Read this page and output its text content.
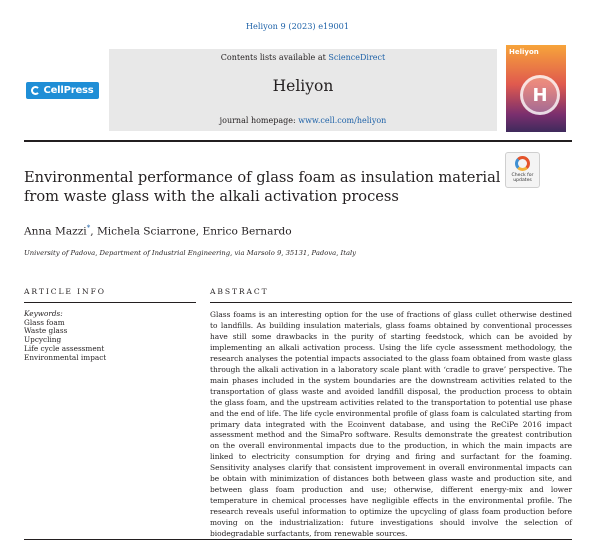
Heliyon 9 (2023) e19001
CellPress
Contents lists available at ScienceDirect
Heliyon
journal homepage: www.cell.com/heliyon
Heliyon
H
Check for
updates
Environmental performance of glass foam as insulation material from waste glass with the alkali activation process
Anna Mazzi*, Michela Sciarrone, Enrico Bernardo
University of Padova, Department of Industrial Engineering, via Marsolo 9, 35131, Padova, Italy
ARTICLE INFO	ABSTRACT
Keywords:
Glass foam
Waste glass
Upcycling
Life cycle assessment
Environmental impact
Glass foams is an interesting option for the use of fractions of glass cullet otherwise destined to landfills. As building insulation materials, glass foams obtained by conventional processes have still some drawbacks in the purity of starting feedstock, which can be avoided by implementing an alkali activation process. Using the life cycle assessment methodology, the research analyses the potential impacts associated to the glass foam obtained from waste glass through the alkali activation in a laboratory scale plant with ‘cradle to grave’ perspective. The main phases included in the system boundaries are the downstream activities related to the transportation of glass waste and avoided landfill disposal, the production process to obtain the glass foam, and the upstream activities related to the transportation to potential use phase and the end of life. The life cycle environmental profile of glass foam is calculated starting from primary data integrated with the Ecoinvent database, and using the ReCiPe 2016 impact assessment method and the SimaPro software. Results demonstrate the greatest contribution on the overall environmental impacts due to the production, in which the main impacts are linked to electricity consumption for drying and firing and surfactant for the foaming. Sensitivity analyses clarify that consistent improvement in overall environmental impacts can be obtain with minimization of distances both between glass waste and production site, and between glass foam production and use; otherwise, different energy-mix and lower temperature in chemical processes have negligible effects in the environmental profile. The research reveals useful information to optimize the upcycling of glass foam production before moving on the industrialization: future investigations should involve the selection of biodegradable surfactants, from renewable sources.
